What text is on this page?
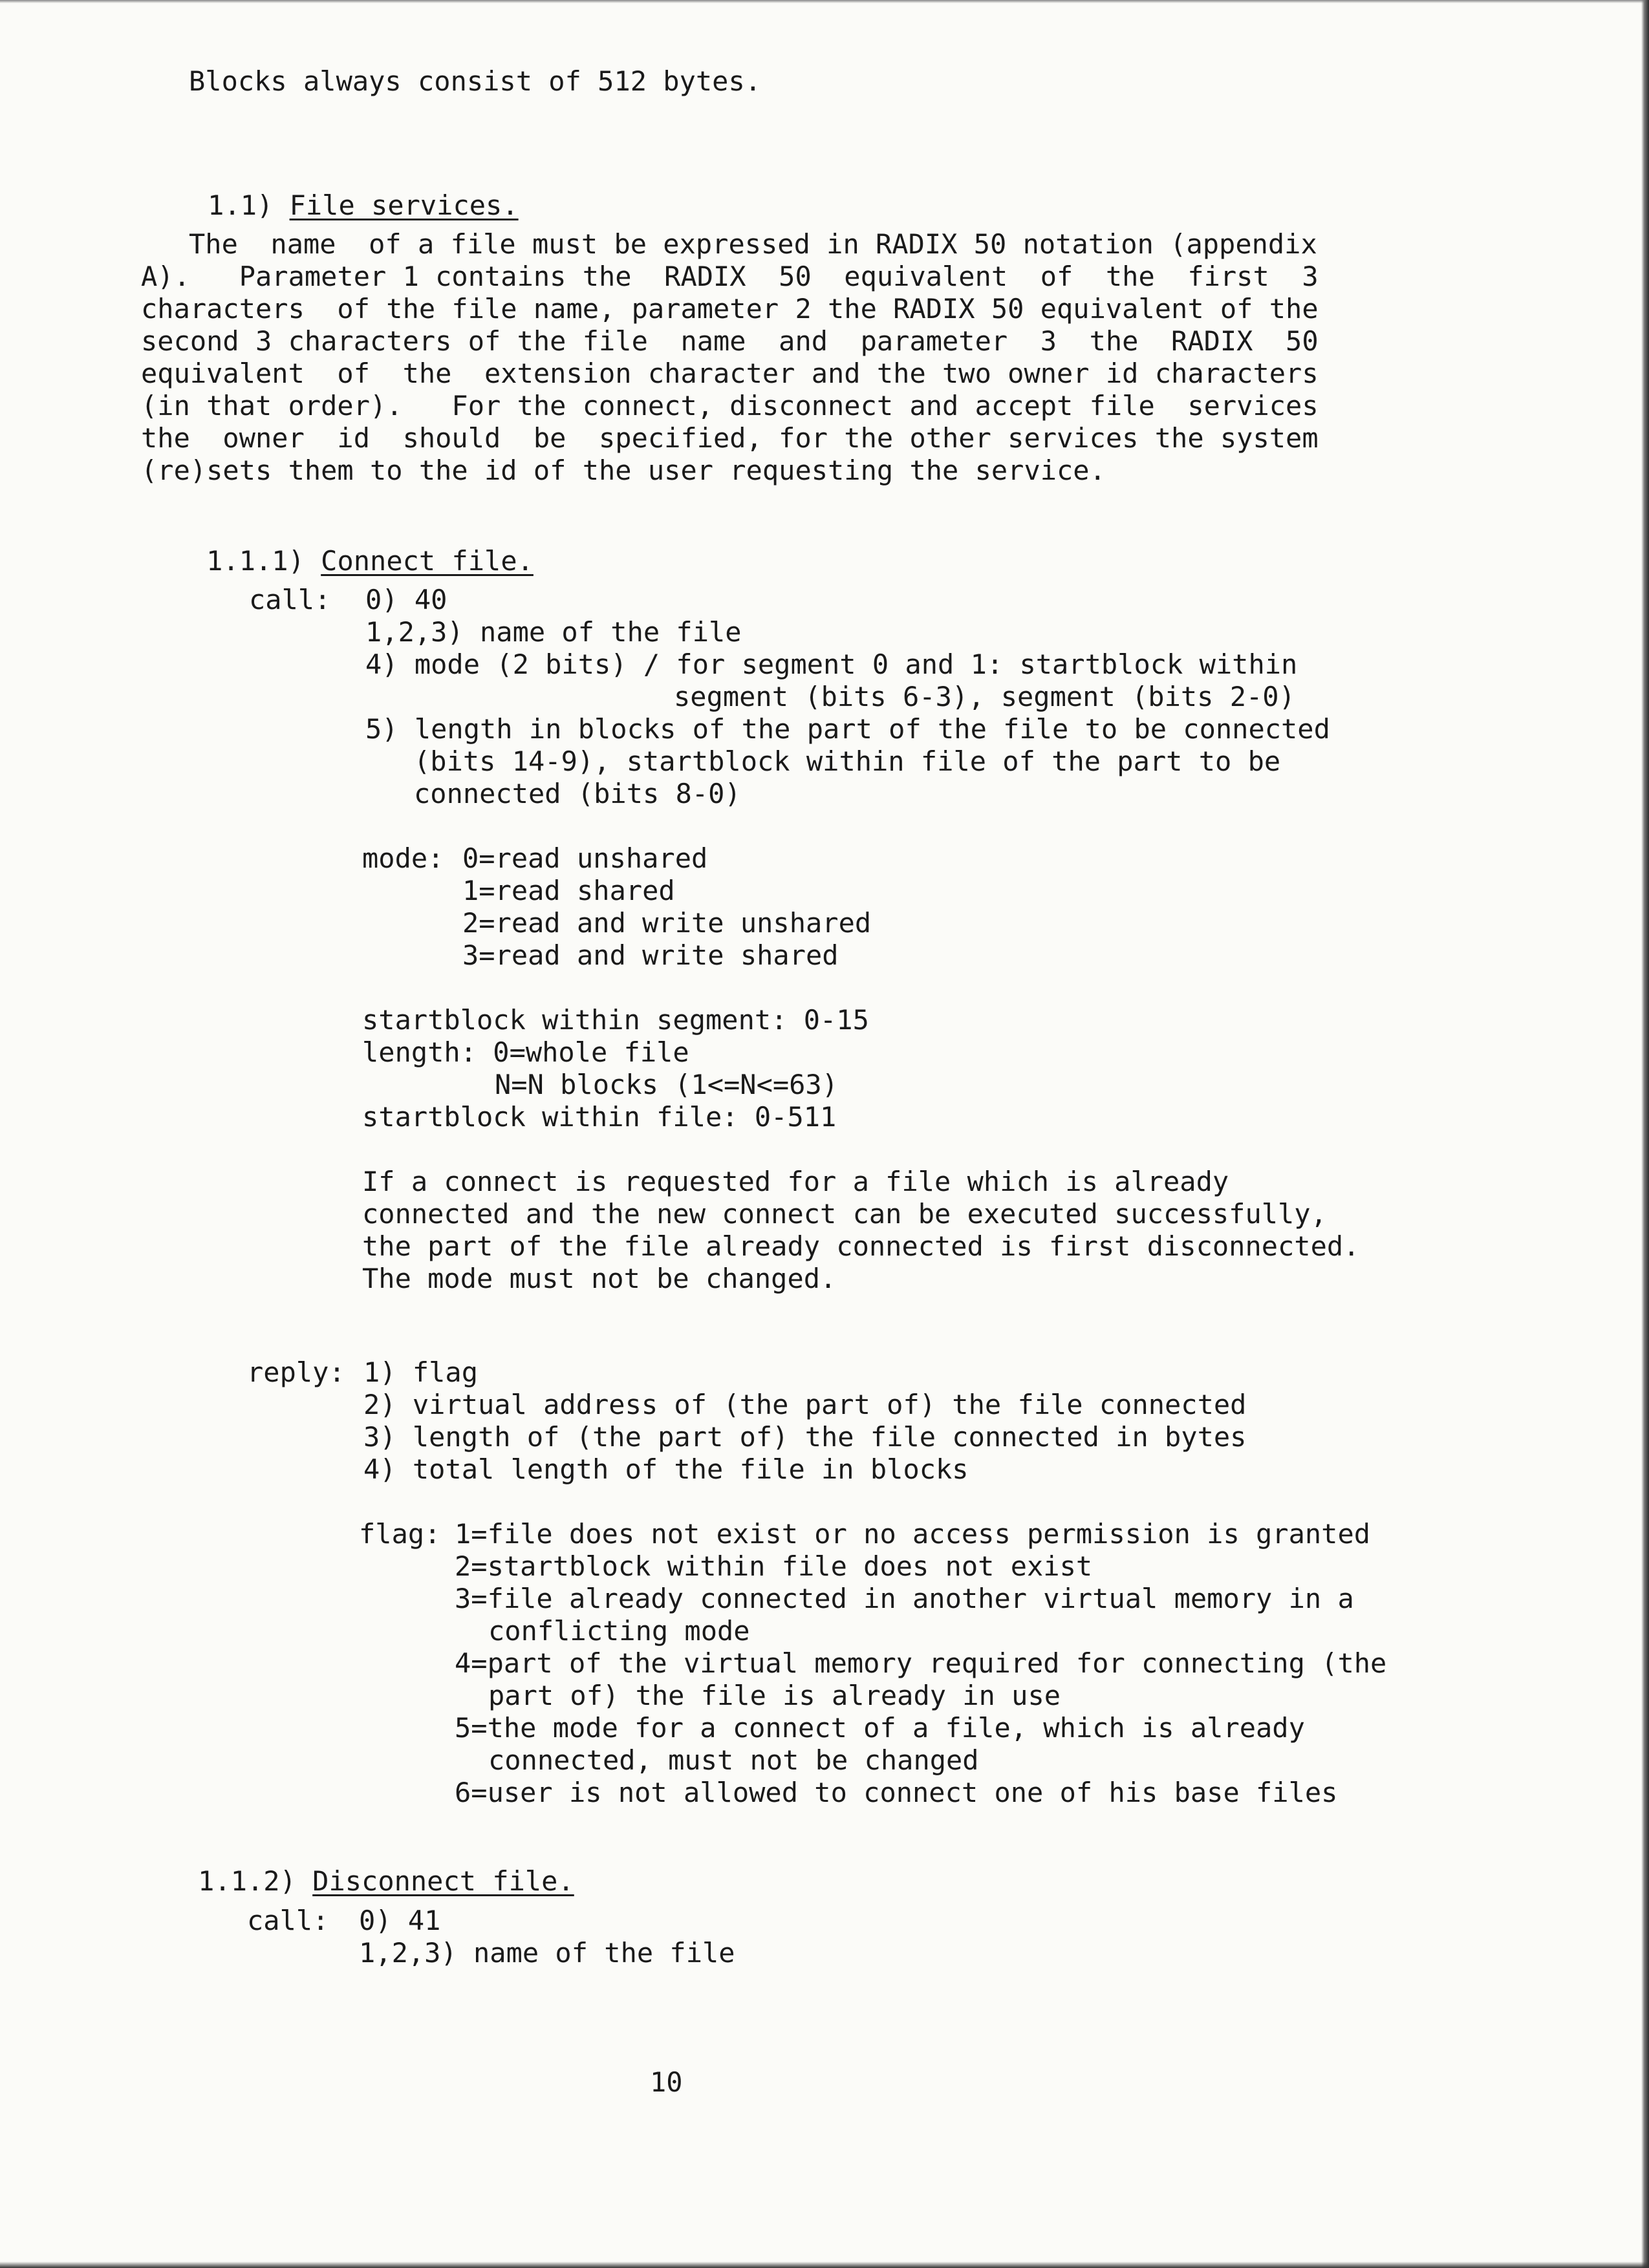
Blocks always consist of 512 bytes.

1.1) File services.

The  name  of a file must be expressed in RADIX 50 notation (appendix
A).   Parameter 1 contains the  RADIX  50  equivalent  of  the  first  3
characters  of the file name, parameter 2 the RADIX 50 equivalent of the
second 3 characters of the file  name  and  parameter  3  the  RADIX  50
equivalent  of  the  extension character and the two owner id characters
(in that order).   For the connect, disconnect and accept file  services
the  owner  id  should  be  specified, for the other services the system
(re)sets them to the id of the user requesting the service.

1.1.1) Connect file.

call: 0) 40
1,2,3) name of the file
4) mode (2 bits) / for segment 0 and 1: startblock within
segment (bits 6-3), segment (bits 2-0)
5) length in blocks of the part of the file to be connected
(bits 14-9), startblock within file of the part to be
connected (bits 8-0)
mode: 0=read unshared
1=read shared
2=read and write unshared
3=read and write shared
startblock within segment: 0-15
length: 0=whole file
N=N blocks (1<=N<=63)
startblock within file: 0-511
If a connect is requested for a file which is already
connected and the new connect can be executed successfully,
the part of the file already connected is first disconnected.
The mode must not be changed.
reply: 1) flag
2) virtual address of (the part of) the file connected
3) length of (the part of) the file connected in bytes
4) total length of the file in blocks
flag: 1=file does not exist or no access permission is granted
2=startblock within file does not exist
3=file already connected in another virtual memory in a
conflicting mode
4=part of the virtual memory required for connecting (the
part of) the file is already in use
5=the mode for a connect of a file, which is already
connected, must not be changed
6=user is not allowed to connect one of his base files

1.1.2) Disconnect file.

call: 0) 41
1,2,3) name of the file
10
